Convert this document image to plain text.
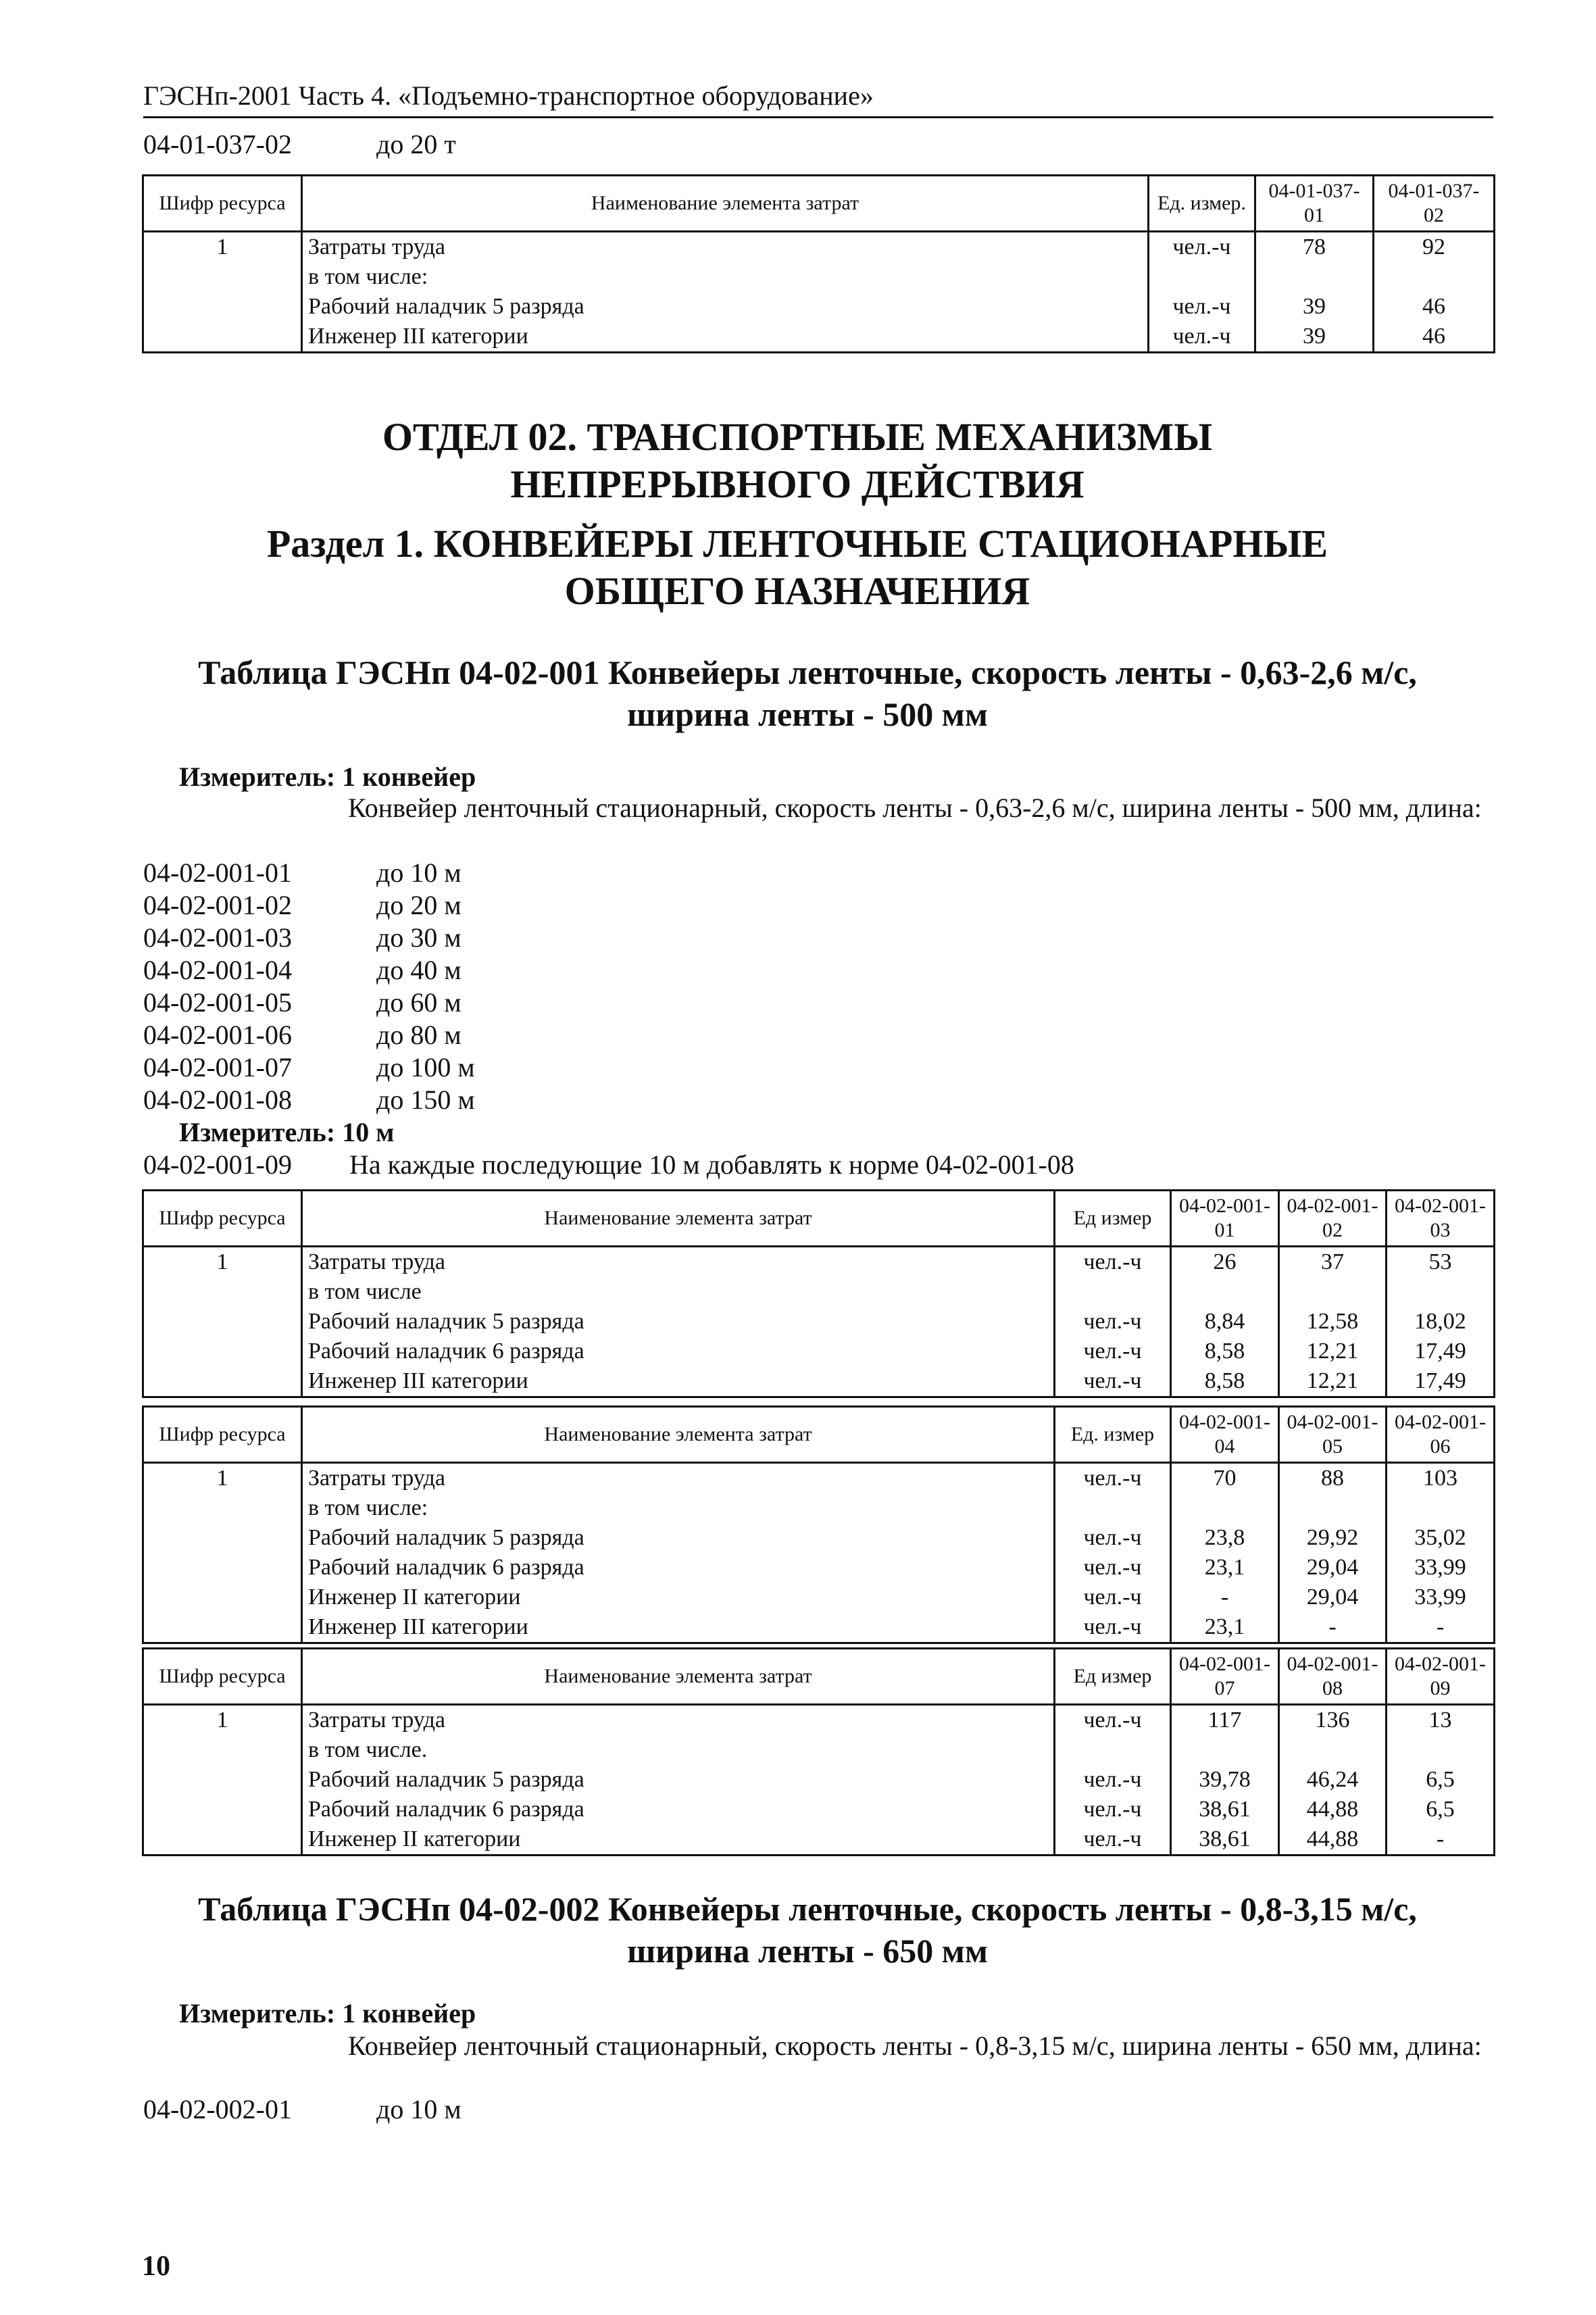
ГЭСНп-2001 Часть 4. «Подъемно-транспортное оборудование»
04-01-037-02	до 20 т
Шифр ресурса	Наименование элемента затрат	Ед. измер.	04-01-037-01	04-01-037-02
1	Затраты труда	чел.-ч	78	92
	в том числе:			
	Рабочий наладчик 5 разряда	чел.-ч	39	46
	Инженер III категории	чел.-ч	39	46
ОТДЕЛ 02. ТРАНСПОРТНЫЕ МЕХАНИЗМЫ НЕПРЕРЫВНОГО ДЕЙСТВИЯ
Раздел 1. КОНВЕЙЕРЫ ЛЕНТОЧНЫЕ СТАЦИОНАРНЫЕ ОБЩЕГО НАЗНАЧЕНИЯ
Таблица ГЭСНп 04-02-001 Конвейеры ленточные, скорость ленты - 0,63-2,6 м/с, ширина ленты - 500 мм
Измеритель: 1 конвейер
Конвейер ленточный стационарный, скорость ленты - 0,63-2,6 м/с, ширина ленты - 500 мм, длина:
04-02-001-01	до 10 м
04-02-001-02	до 20 м
04-02-001-03	до 30 м
04-02-001-04	до 40 м
04-02-001-05	до 60 м
04-02-001-06	до 80 м
04-02-001-07	до 100 м
04-02-001-08	до 150 м
Измеритель: 10 м
04-02-001-09 На каждые последующие 10 м добавлять к норме 04-02-001-08
Шифр ресурса	Наименование элемента затрат	Ед измер	04-02-001-01	04-02-001-02	04-02-001-03
1	Затраты труда	чел.-ч	26	37	53
	в том числе				
	Рабочий наладчик 5 разряда	чел.-ч	8,84	12,58	18,02
	Рабочий наладчик 6 разряда	чел.-ч	8,58	12,21	17,49
	Инженер III категории	чел.-ч	8,58	12,21	17,49
Шифр ресурса	Наименование элемента затрат	Ед. измер	04-02-001-04	04-02-001-05	04-02-001-06
1	Затраты труда	чел.-ч	70	88	103
	в том числе:				
	Рабочий наладчик 5 разряда	чел.-ч	23,8	29,92	35,02
	Рабочий наладчик 6 разряда	чел.-ч	23,1	29,04	33,99
	Инженер II категории	чел.-ч	-	29,04	33,99
	Инженер III категории	чел.-ч	23,1	-	-
Шифр ресурса	Наименование элемента затрат	Ед измер	04-02-001-07	04-02-001-08	04-02-001-09
1	Затраты труда	чел.-ч	117	136	13
	в том числе.				
	Рабочий наладчик 5 разряда	чел.-ч	39,78	46,24	6,5
	Рабочий наладчик 6 разряда	чел.-ч	38,61	44,88	6,5
	Инженер II категории	чел.-ч	38,61	44,88	-
Таблица ГЭСНп 04-02-002 Конвейеры ленточные, скорость ленты - 0,8-3,15 м/с, ширина ленты - 650 мм
Измеритель: 1 конвейер
Конвейер ленточный стационарный, скорость ленты - 0,8-3,15 м/с, ширина ленты - 650 мм, длина:
04-02-002-01	до 10 м
10
